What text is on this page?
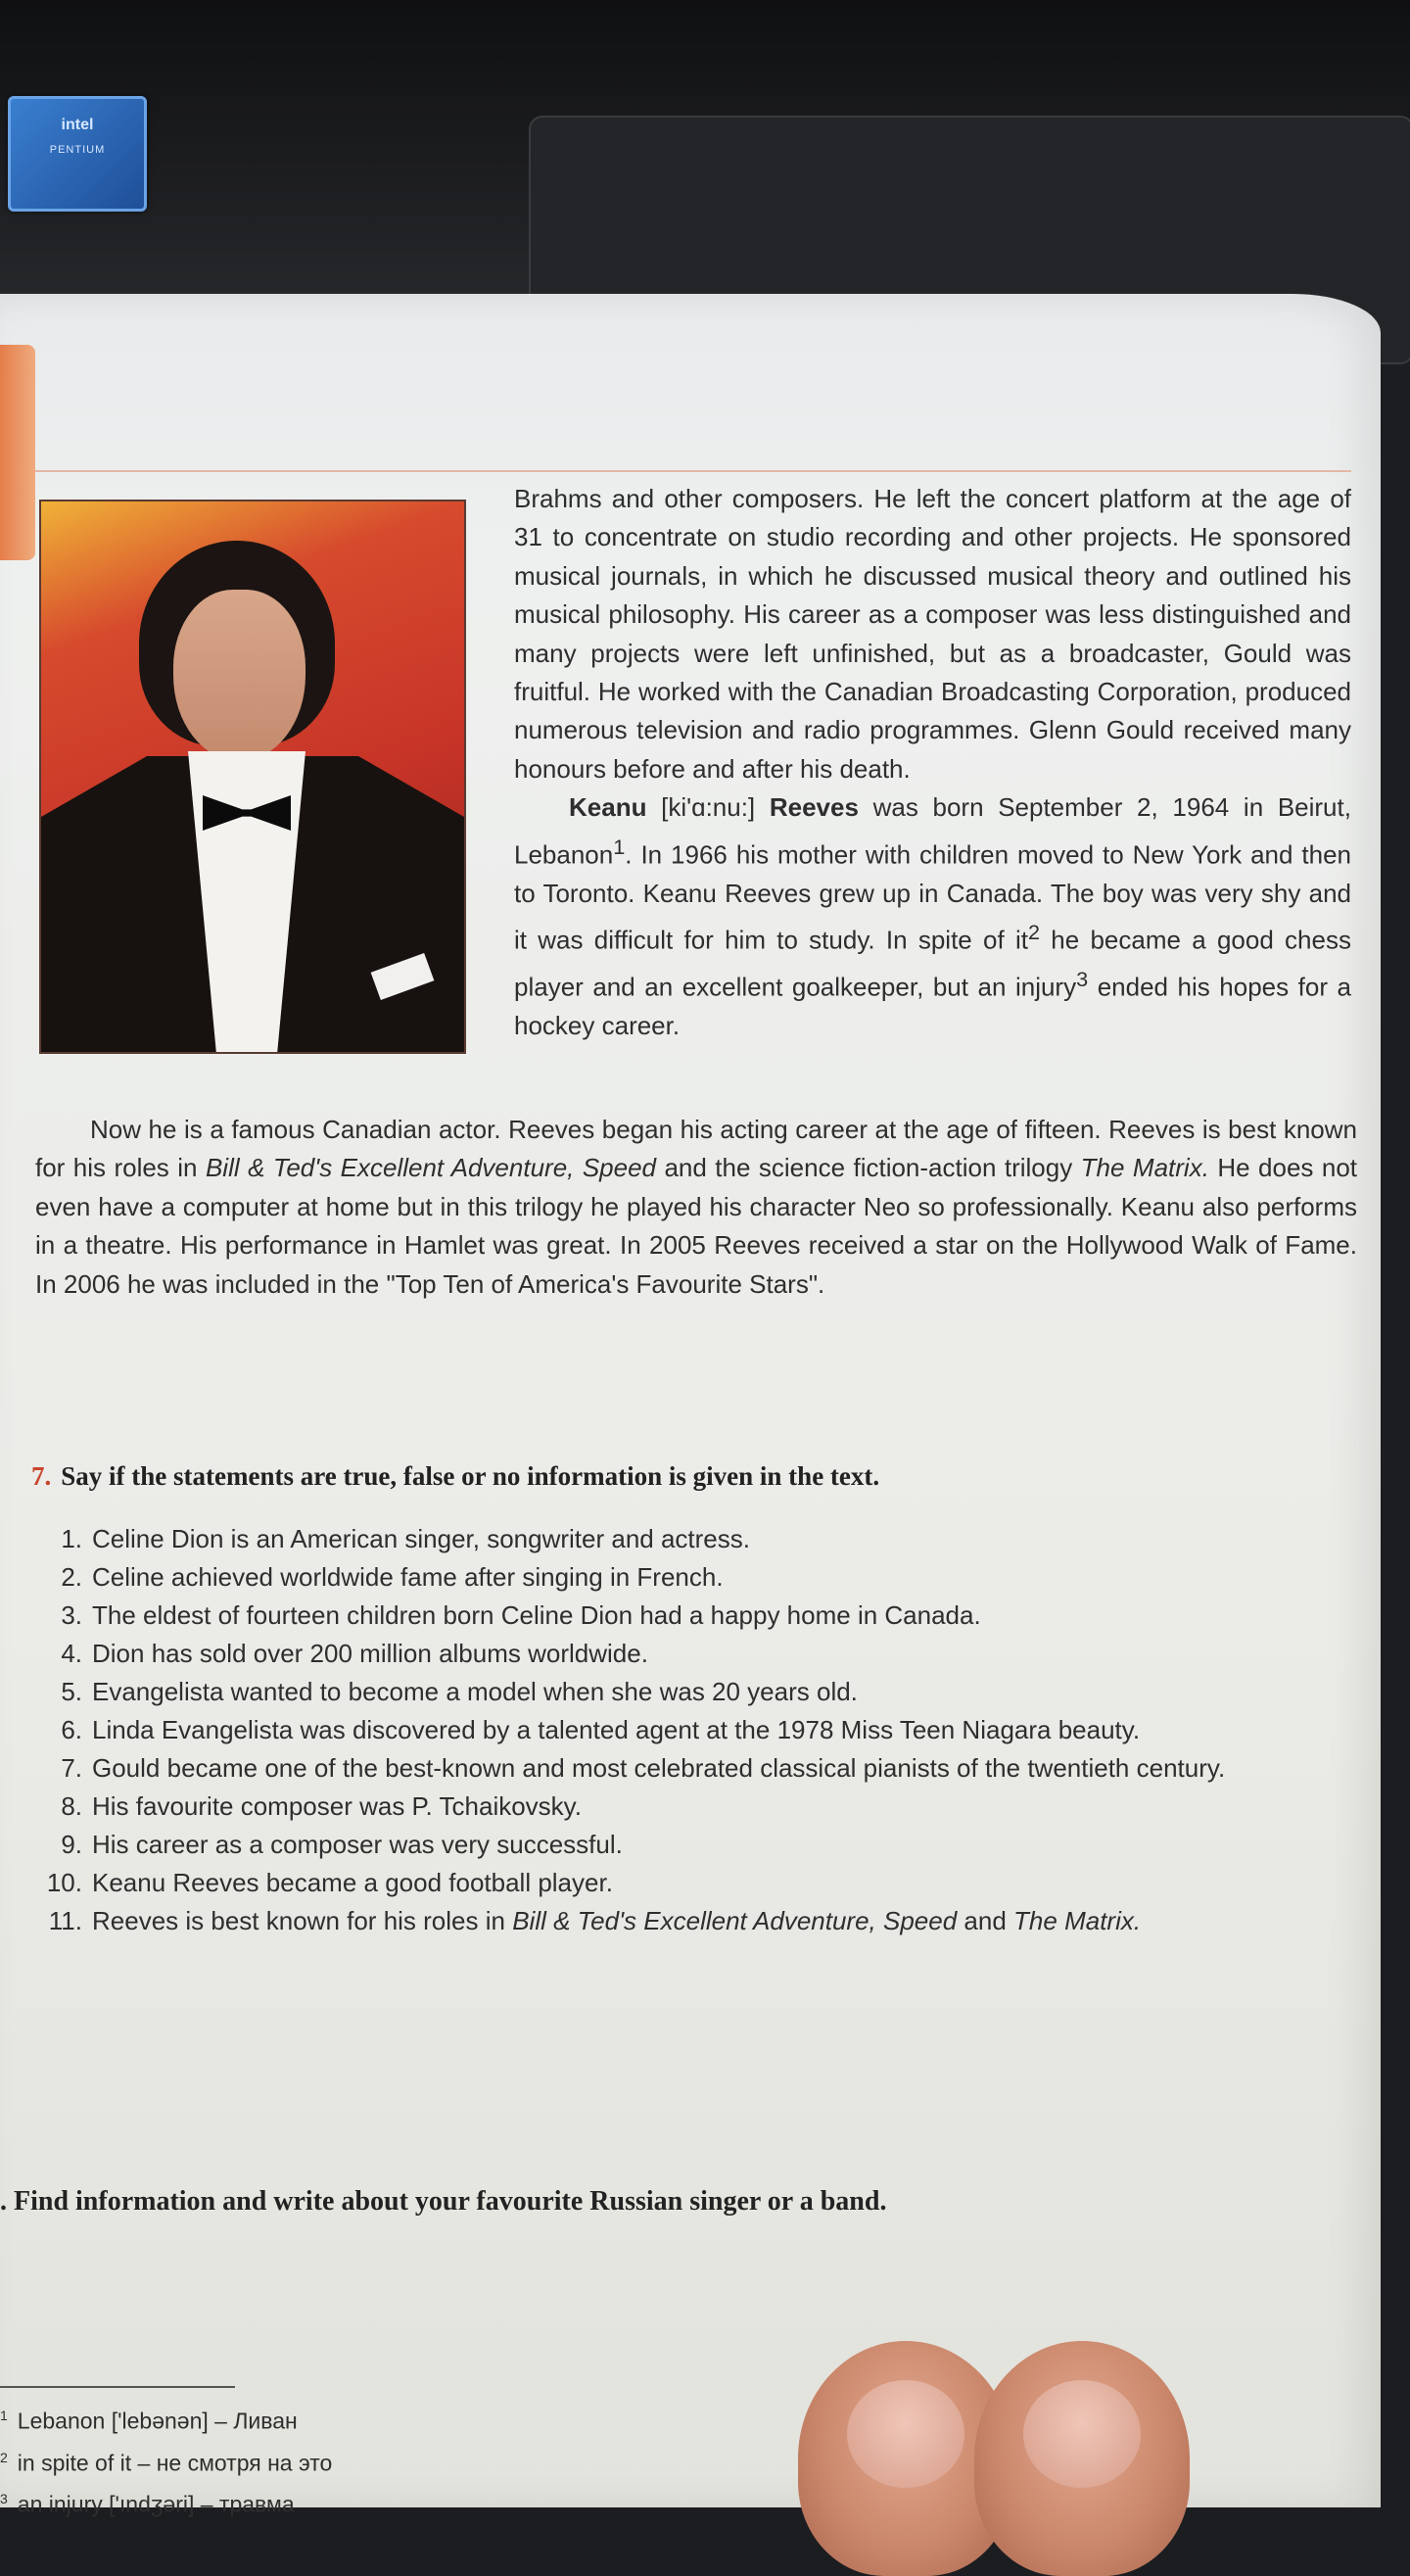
intel
PENTIUM

Brahms and other composers. He left the concert platform at the age of 31 to concentrate on studio recording and other projects. He sponsored musical journals, in which he discussed musical theory and outlined his musical philosophy. His career as a composer was less distinguished and many projects were left unfinished, but as a broadcaster, Gould was fruitful. He worked with the Canadian Broadcasting Corporation, produced numerous television and radio programmes. Glenn Gould received many honours before and after his death.

Keanu [ki'ɑ:nu:] Reeves was born September 2, 1964 in Beirut, Lebanon$^1$. In 1966 his mother with children moved to New York and then to Toronto. Keanu Reeves grew up in Canada. The boy was very shy and it was difficult for him to study. In spite of $it^2$ he became a good chess player and an excellent goalkeeper, but an injury$^3$ ended his hopes for a hockey career.

Now he is a famous Canadian actor. Reeves began his acting career at the age of fifteen. Reeves is best known for his roles in Bill & Ted's Excellent Adventure, Speed and the science fiction-action trilogy The Matrix. He does not even have a computer at home but in this trilogy he played his character Neo so professionally. Keanu also performs in a theatre. His performance in Hamlet was great. In 2005 Reeves received a star on the Hollywood Walk of Fame. In 2006 he was included in the "Top Ten of America's Favourite Stars".

7. Say if the statements are true, false or no information is given in the text.
1. Celine Dion is an American singer, songwriter and actress.
2. Celine achieved worldwide fame after singing in French.
3. The eldest of fourteen children born Celine Dion had a happy home in Canada.
4. Dion has sold over 200 million albums worldwide.
5. Evangelista wanted to become a model when she was 20 years old.
6. Linda Evangelista was discovered by a talented agent at the 1978 Miss Teen Niagara beauty.
7. Gould became one of the best-known and most celebrated classical pianists of the twentieth century.
8. His favourite composer was P. Tchaikovsky.
9. His career as a composer was very successful.
10. Keanu Reeves became a good football player.
11. Reeves is best known for his roles in Bill & Ted's Excellent Adventure, Speed and The Matrix.
. Find information and write about your favourite Russian singer or a band.
$^1$ Lebanon ['lebənən] – Ливан
$^2$ in spite of it – не смотря на это
$^3$ an injury ['ındʒəri] – травма
